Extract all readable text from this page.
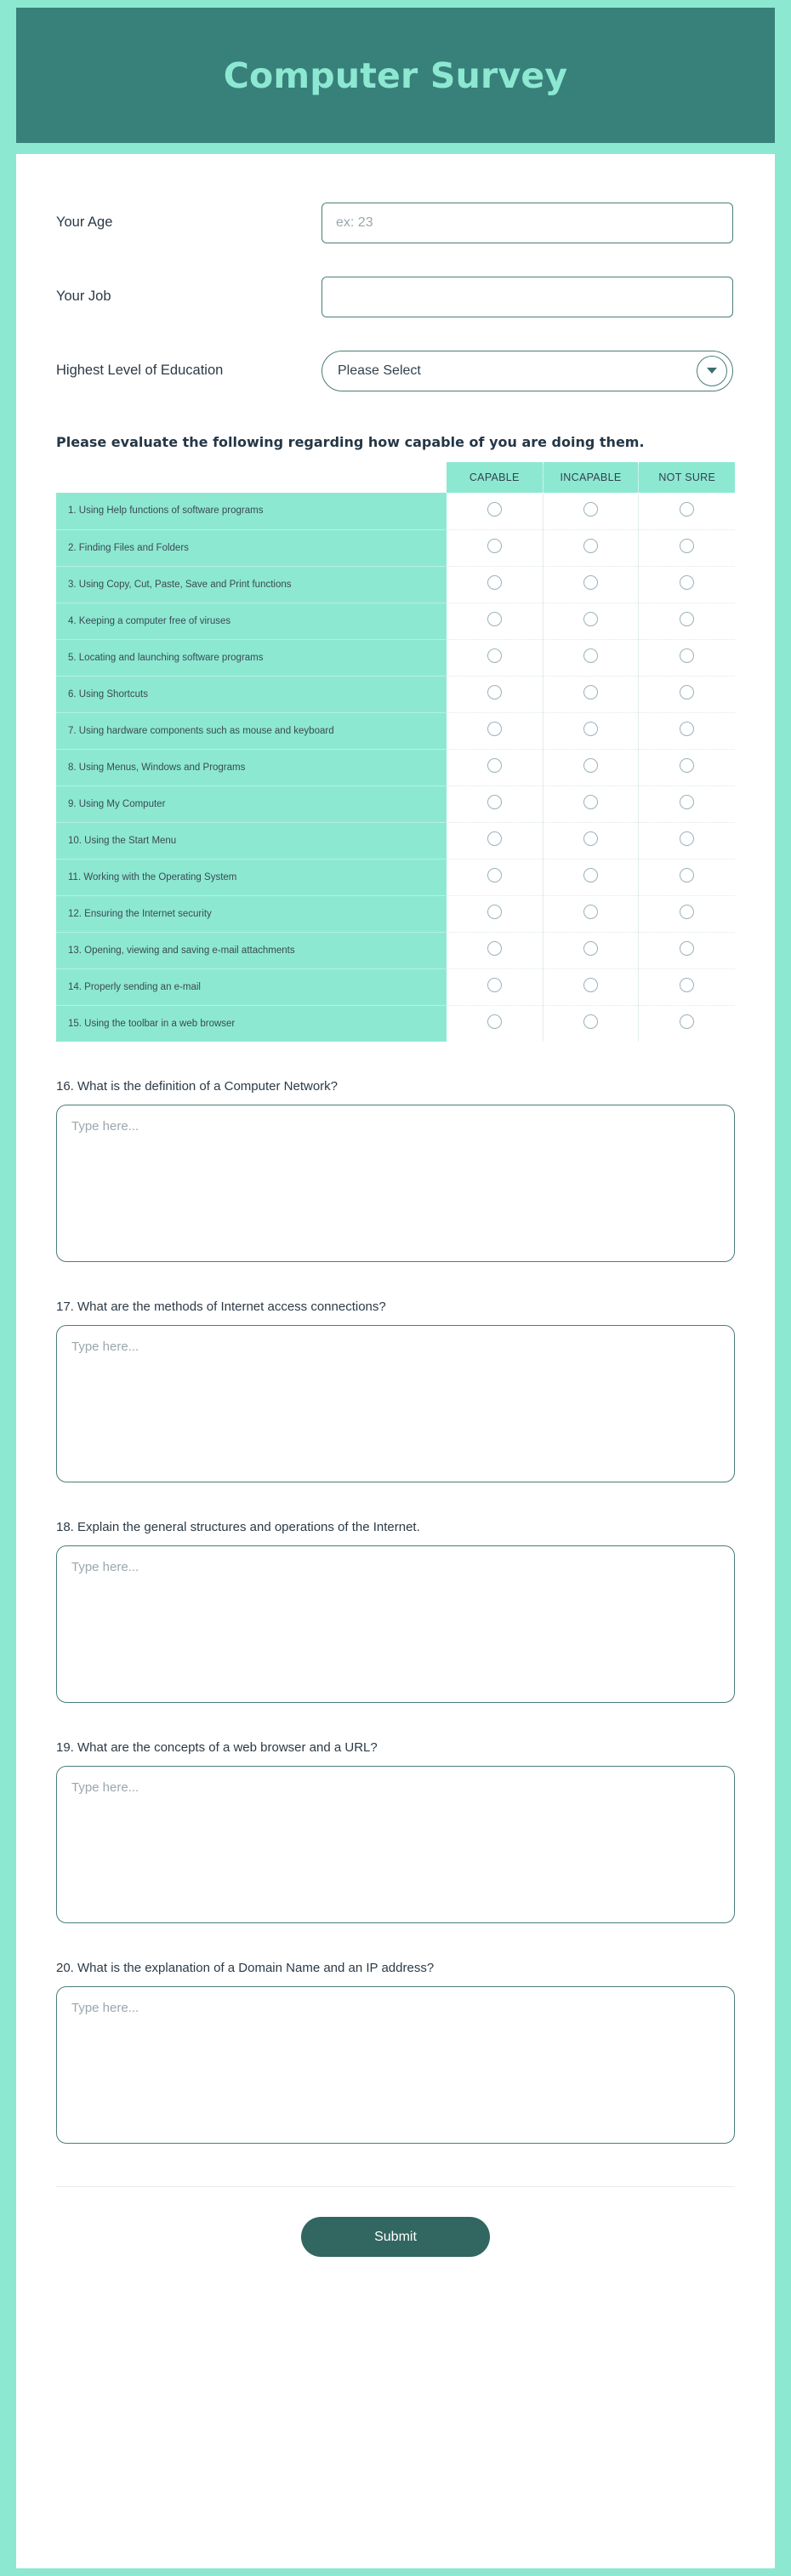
Computer Survey
Your Age	ex: 23
Your Job
Highest Level of Education	Please Select
Please evaluate the following regarding how capable of you are doing them.
	CAPABLE	INCAPABLE	NOT SURE
1. Using Help functions of software programs			
2. Finding Files and Folders			
3. Using Copy, Cut, Paste, Save and Print functions			
4. Keeping a computer free of viruses			
5. Locating and launching software programs			
6. Using Shortcuts			
7. Using hardware components such as mouse and keyboard			
8. Using Menus, Windows and Programs			
9. Using My Computer			
10. Using the Start Menu			
11. Working with the Operating System			
12. Ensuring the Internet security			
13. Opening, viewing and saving e-mail attachments			
14. Properly sending an e-mail			
15. Using the toolbar in a web browser			
16. What is the definition of a Computer Network?
Type here...
17. What are the methods of Internet access connections?
Type here...
18. Explain the general structures and operations of the Internet.
Type here...
19. What are the concepts of a web browser and a URL?
Type here...
20. What is the explanation of a Domain Name and an IP address?
Type here...
Submit
